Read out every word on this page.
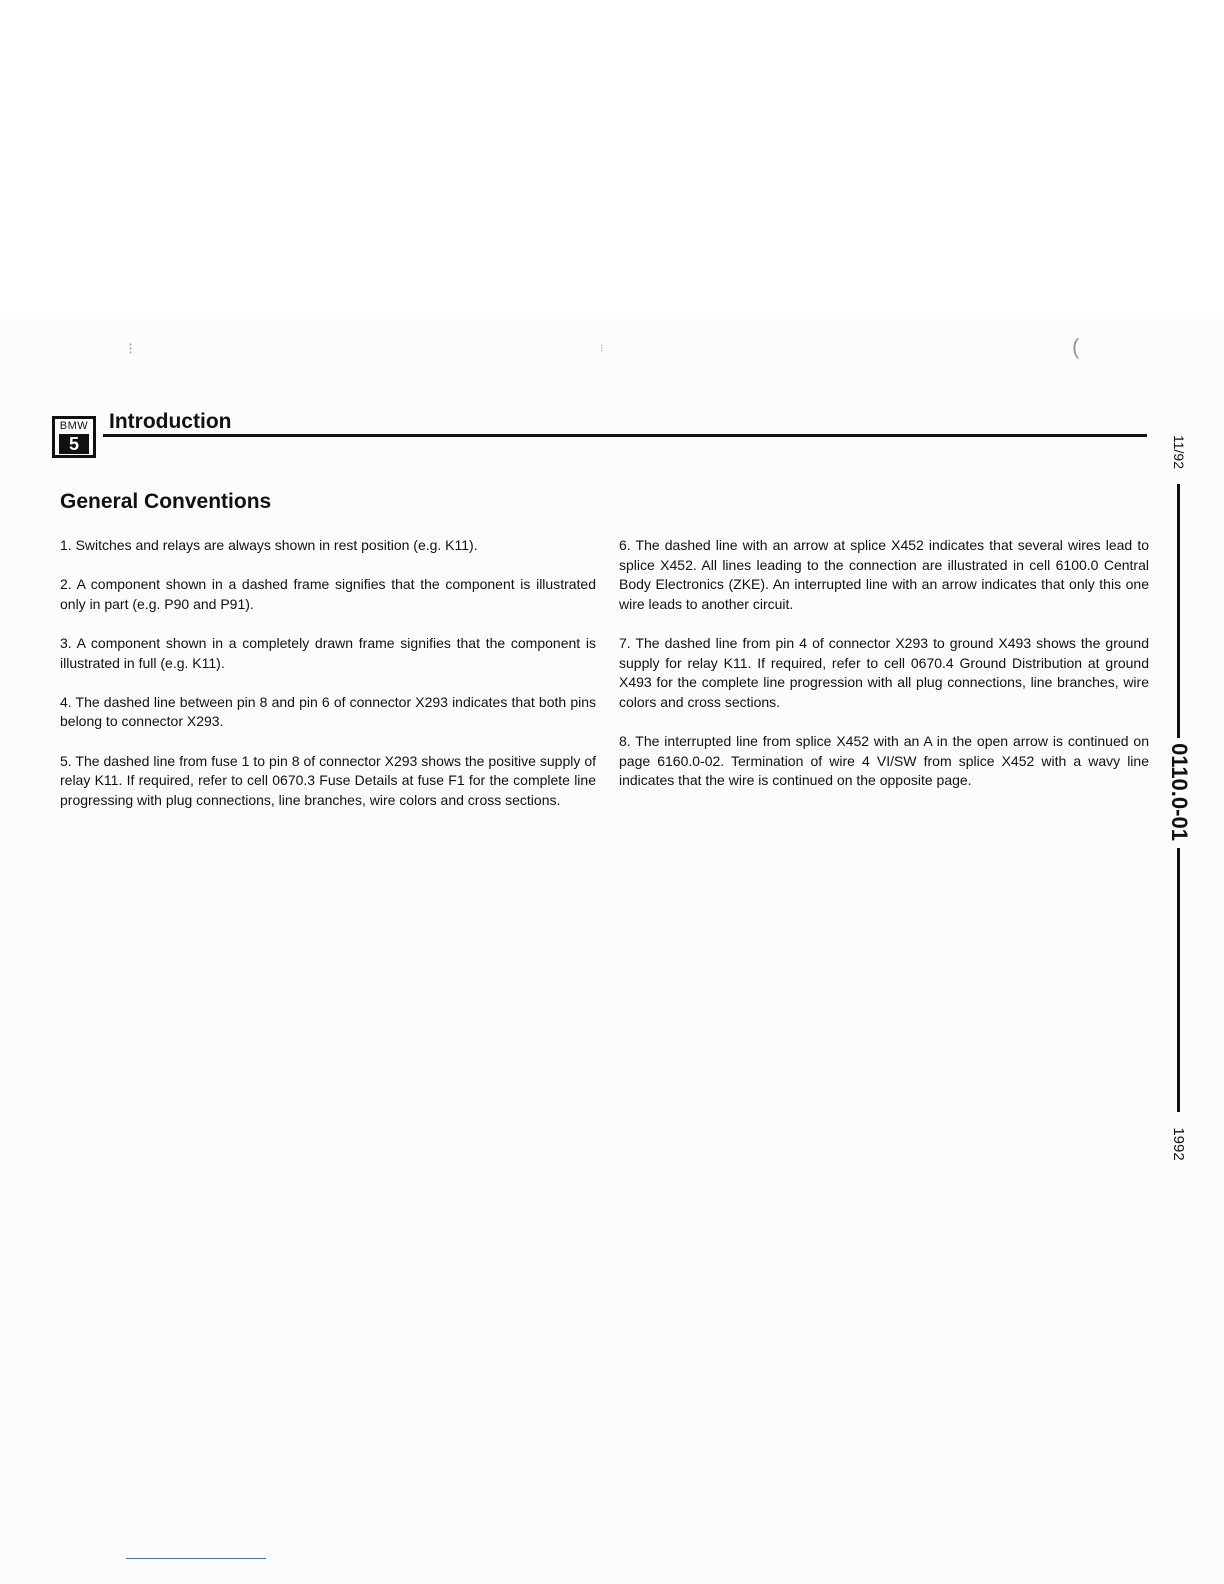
⁝	⁝	(
BMW
5
Introduction
General Conventions

1. Switches and relays are always shown in rest position (e.g. K11).

2. A component shown in a dashed frame signifies that the component is illustrated only in part (e.g. P90 and P91).

3. A component shown in a completely drawn frame signifies that the component is illustrated in full (e.g. K11).

4. The dashed line between pin 8 and pin 6 of connector X293 indicates that both pins belong to connector X293.

5. The dashed line from fuse 1 to pin 8 of connector X293 shows the positive supply of relay K11. If required, refer to cell 0670.3 Fuse Details at fuse F1 for the complete line progressing with plug connections, line branches, wire colors and cross sections.

6. The dashed line with an arrow at splice X452 indicates that several wires lead to splice X452. All lines leading to the connection are illustrated in cell 6100.0 Central Body Electronics (ZKE). An interrupted line with an arrow indicates that only this one wire leads to another circuit.

7. The dashed line from pin 4 of connector X293 to ground X493 shows the ground supply for relay K11. If required, refer to cell 0670.4 Ground Distribution at ground X493 for the complete line progression with all plug connections, line branches, wire colors and cross sections.

8. The interrupted line from splice X452 with an A in the open arrow is continued on page 6160.0-02. Termination of wire 4 VI/SW from splice X452 with a wavy line indicates that the wire is continued on the opposite page.

11/92
0110.0-01
1992
